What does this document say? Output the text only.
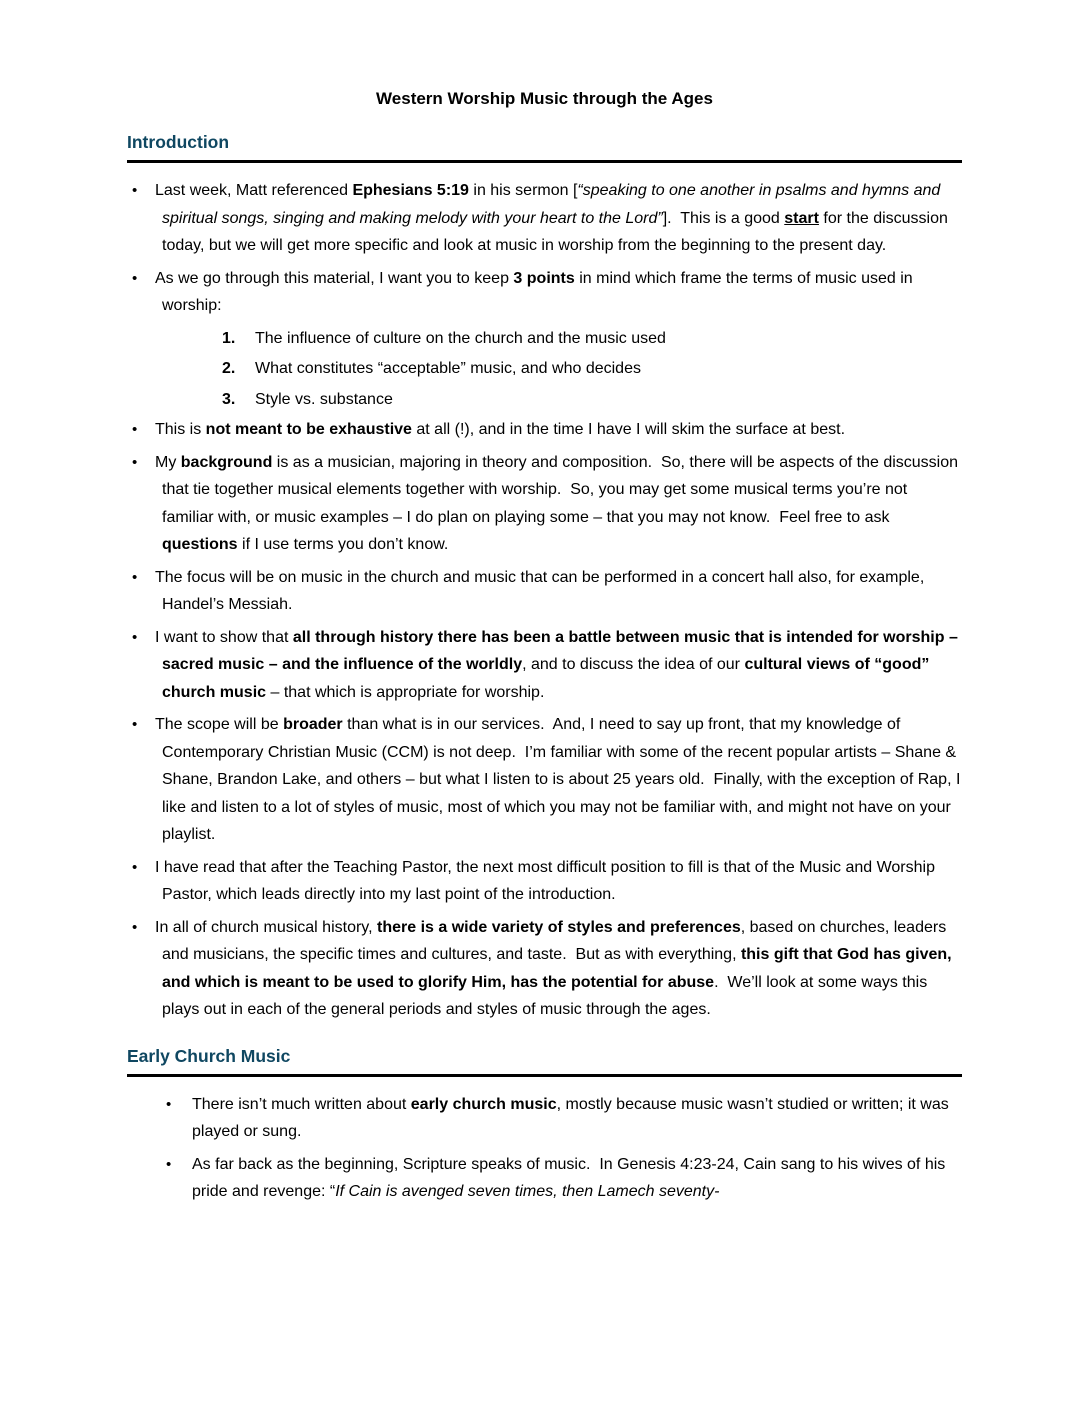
Western Worship Music through the Ages
Introduction
•	Last week, Matt referenced Ephesians 5:19 in his sermon [“speaking to one another in psalms and hymns and spiritual songs, singing and making melody with your heart to the Lord”].  This is a good start for the discussion today, but we will get more specific and look at music in worship from the beginning to the present day.
•	As we go through this material, I want you to keep 3 points in mind which frame the terms of music used in worship:
1.	The influence of culture on the church and the music used
2.	What constitutes “acceptable” music, and who decides
3.	Style vs. substance
•	This is not meant to be exhaustive at all (!), and in the time I have I will skim the surface at best.
•	My background is as a musician, majoring in theory and composition.  So, there will be aspects of the discussion that tie together musical elements together with worship.  So, you may get some musical terms you’re not familiar with, or music examples – I do plan on playing some – that you may not know.  Feel free to ask questions if I use terms you don’t know.
•	The focus will be on music in the church and music that can be performed in a concert hall also, for example, Handel’s Messiah.
•	I want to show that all through history there has been a battle between music that is intended for worship – sacred music – and the influence of the worldly, and to discuss the idea of our cultural views of “good” church music – that which is appropriate for worship.
•	The scope will be broader than what is in our services.  And, I need to say up front, that my knowledge of Contemporary Christian Music (CCM) is not deep.  I’m familiar with some of the recent popular artists – Shane & Shane, Brandon Lake, and others – but what I listen to is about 25 years old.  Finally, with the exception of Rap, I like and listen to a lot of styles of music, most of which you may not be familiar with, and might not have on your playlist.
•	I have read that after the Teaching Pastor, the next most difficult position to fill is that of the Music and Worship Pastor, which leads directly into my last point of the introduction.
•	In all of church musical history, there is a wide variety of styles and preferences, based on churches, leaders and musicians, the specific times and cultures, and taste.  But as with everything, this gift that God has given, and which is meant to be used to glorify Him, has the potential for abuse.  We’ll look at some ways this plays out in each of the general periods and styles of music through the ages.
Early Church Music
•	There isn’t much written about early church music, mostly because music wasn’t studied or written; it was played or sung.
•	As far back as the beginning, Scripture speaks of music.  In Genesis 4:23-24, Cain sang to his wives of his pride and revenge: “If Cain is avenged seven times, then Lamech seventy-
